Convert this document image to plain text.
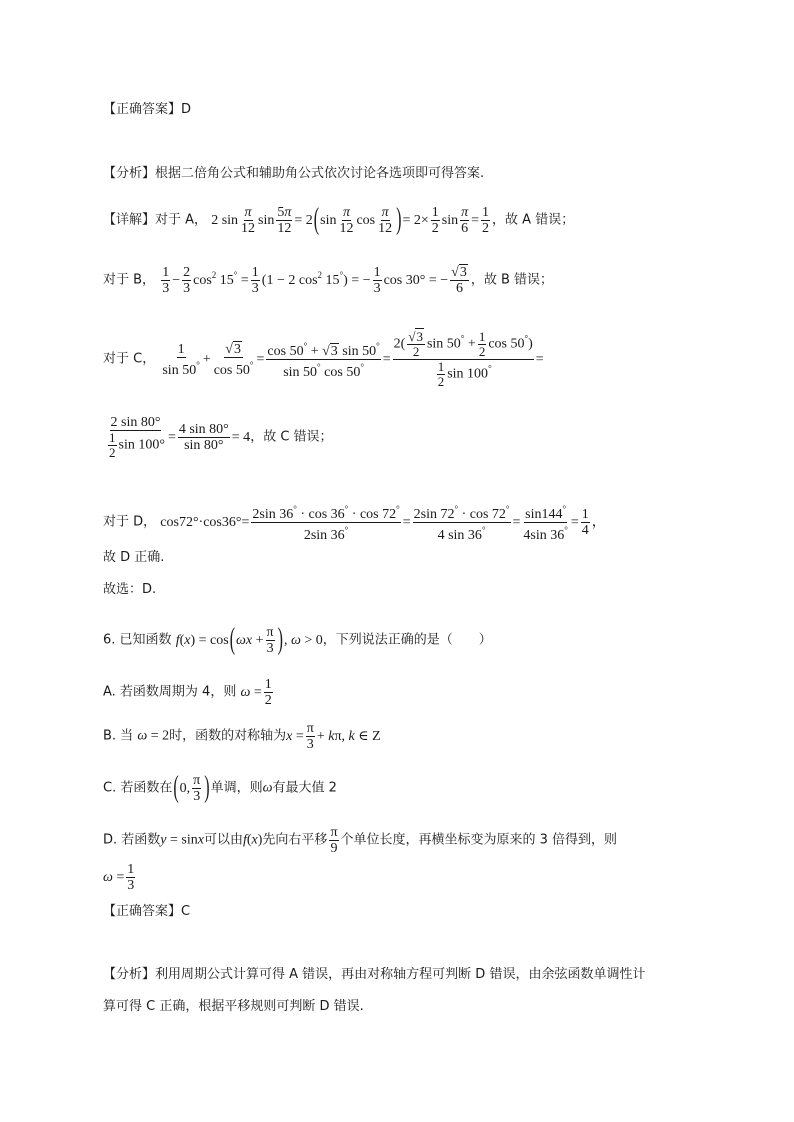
【正确答案】D
【分析】根据二倍角公式和辅助角公式依次讨论各选项即可得答案.
【详解】对于 A， 2 $\sin \frac{\pi}{12}$ $\sin \frac{5\pi}{12} = 2(\sin \frac{\pi}{12}$ $\cos \frac{\pi}{12}$ )= $2\times \frac{1}{2}$ $\sin \frac{\pi}{6} = \frac{1}{2}$ ，故 A 错误；
对于 B， $\frac{1}{3} - \frac{2}{3} \cos^2 15^\circ = \frac{1}{3} (1 - 2$ $\cos^2 15^\circ$) = − $\frac{1}{3}$ cos 30° = − $\frac{√3}{6}$ ，故 B 错误；
对于 C， $\frac{1}{\sin 50^\circ} + \frac{√3}{\cos 50^\circ} = \frac{\cos 50^\circ + √3 \sin 50^\circ}{\sin 50^\circ \cos 50^\circ} = \frac{2( \frac{√3}{2} \sin 50^\circ + \frac{1}{2} \cos 50^\circ)}{\frac{1}{2} \sin 100^\circ}$ =
$\frac{2 \sin 80^\circ}{\frac{1}{2} \sin 100^\circ} = \frac{4 \sin 80^\circ}{\sin 80^\circ} = 4$，故 C 错误；
对于 D， $\cos 72^\circ\cdot\cos 36^\circ= \frac{2\sin 36^\circ \cdot \cos 36^\circ \cdot \cos 72^\circ}{2\sin 36^\circ} = \frac{2\sin 72^\circ \cdot \cos 72^\circ}{4 \sin 36^\circ} = \frac{\sin 144^\circ}{4\sin 36^\circ} = \frac{1}{4}$ ，
故 D 正确.
故选：D.
6. 已知函数 $f(x) = \cos(\omega x + \frac{\pi}{3}$ ), ω > 0，下列说法正确的是（　　）
A. 若函数周期为 4，则 $\omega = \frac{1}{2}$
B. 当 ω = 2时，函数的对称轴为$x = \frac{\pi}{3} + k\pi$, k ∈ Z
C. 若函数在(0, $\frac{\pi}{3}$ )单调，则ω有最大值 2
D. 若函数y = sinx可以由f(x)先向右平移 $\frac{\pi}{9}$ 个单位长度，再横坐标变为原来的 3 倍得到，则
$\omega = \frac{1}{3}$
【正确答案】C
【分析】利用周期公式计算可得 A 错误，再由对称轴方程可判断 D 错误，由余弦函数单调性计
算可得 C 正确，根据平移规则可判断 D 错误.
